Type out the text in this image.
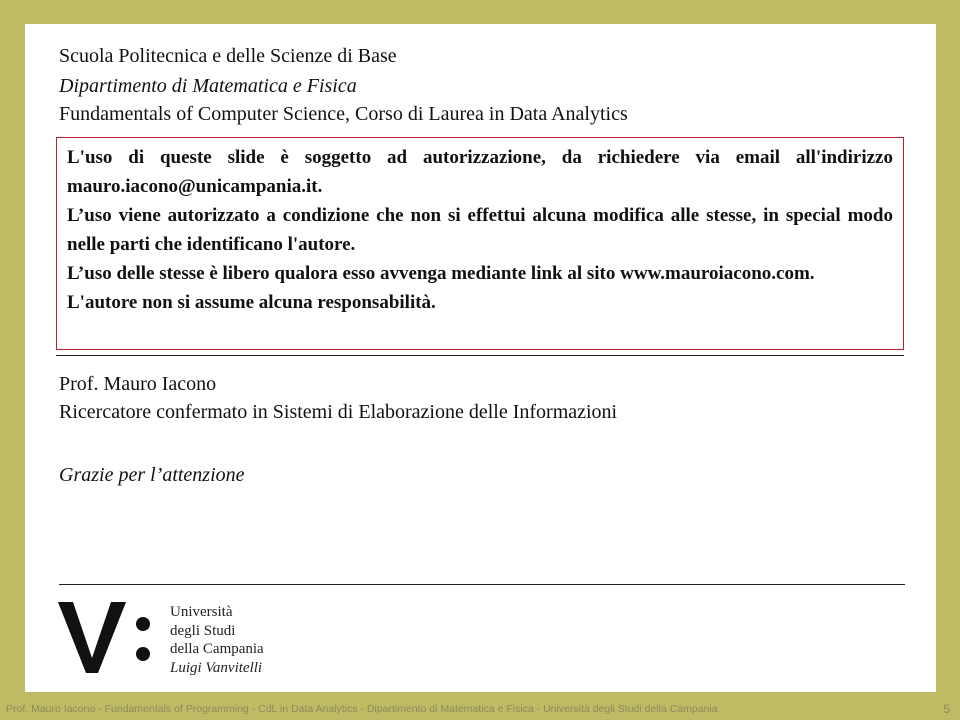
Scuola Politecnica e delle Scienze di Base
Dipartimento di Matematica e Fisica
Fundamentals of Computer Science, Corso di Laurea in Data Analytics

L'uso di queste slide è soggetto ad autorizzazione, da richiedere via email all'indirizzo mauro.iacono@unicampania.it.

L’uso viene autorizzato a condizione che non si effettui alcuna modifica alle stesse, in special modo nelle parti che identificano l'autore.

L’uso delle stesse è libero qualora esso avvenga mediante link al sito www.mauroiacono.com.

L'autore non si assume alcuna responsabilità.

Prof. Mauro Iacono
Ricercatore confermato in Sistemi di Elaborazione delle Informazioni
Grazie per l’attenzione
Università
degli Studi
della Campania
Luigi Vanvitelli
Prof. Mauro Iacono - Fundamentals of Programming - CdL in Data Analytics - Dipartimento di Matematica e Fisica - Università degli Studi della Campania	5
